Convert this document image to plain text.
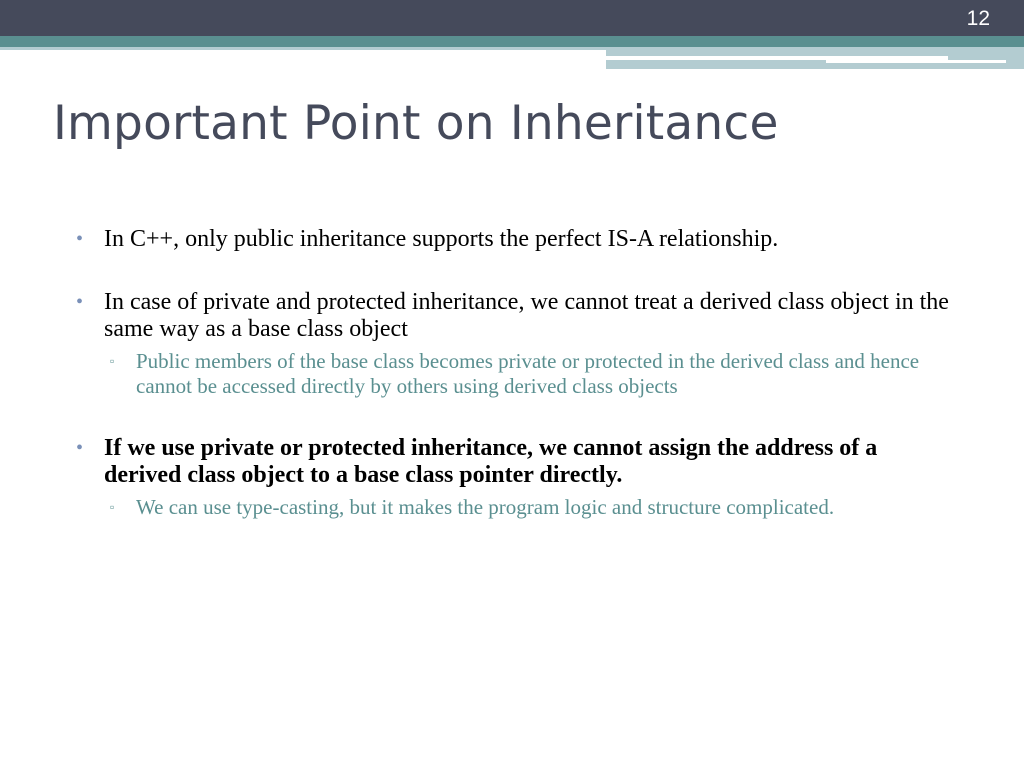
12
Important Point on Inheritance
• In C++, only public inheritance supports the perfect IS-A relationship.
• In case of private and protected inheritance, we cannot treat a derived class object in the same way as a base class object
▫ Public members of the base class becomes private or protected in the derived class and hence cannot be accessed directly by others using derived class objects
• If we use private or protected inheritance, we cannot assign the address of a derived class object to a base class pointer directly.
▫ We can use type-casting, but it makes the program logic and structure complicated.
